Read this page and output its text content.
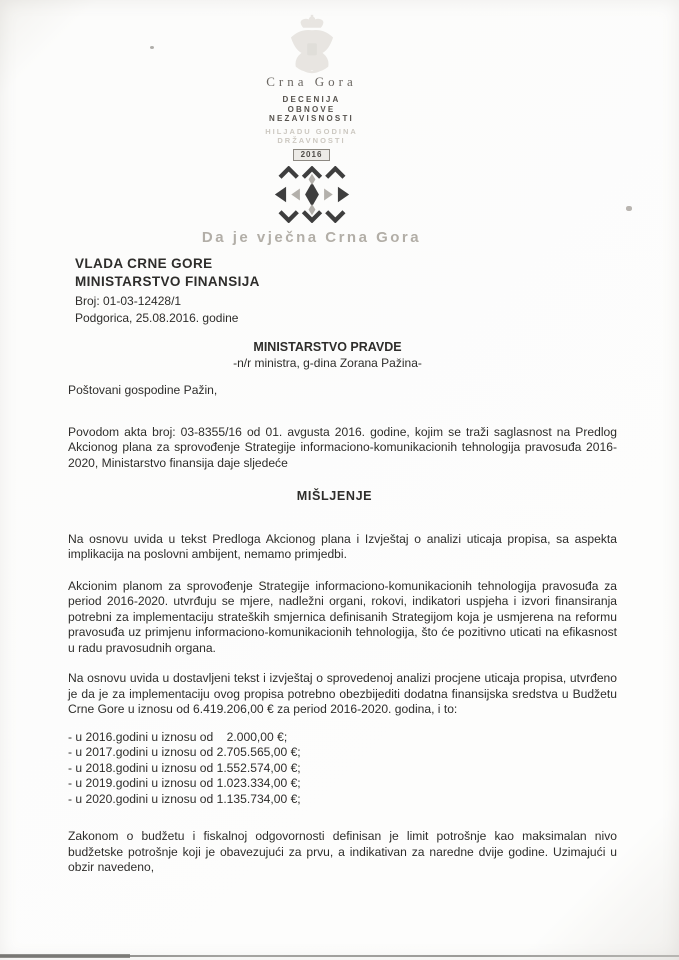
Crna Gora
DECENIJA
OBNOVE
NEZAVISNOSTI
HILJADU GODINA
DRŽAVNOSTI
2016
Da je vječna Crna Gora
VLADA CRNE GORE
MINISTARSTVO FINANSIJA
Broj: 01-03-12428/1
Podgorica, 25.08.2016. godine
MINISTARSTVO PRAVDE
-n/r ministra, g-dina Zorana Pažina-
Poštovani gospodine Pažin,

Povodom akta broj: 03-8355/16 od 01. avgusta 2016. godine, kojim se traži saglasnost na Predlog Akcionog plana za sprovođenje Strategije informaciono-komunikacionih tehnologija pravosuđa 2016-2020, Ministarstvo finansija daje sljedeće

MIŠLJENJE

Na osnovu uvida u tekst Predloga Akcionog plana i Izvještaj o analizi uticaja propisa, sa aspekta implikacija na poslovni ambijent, nemamo primjedbi.

Akcionim planom za sprovođenje Strategije informaciono-komunikacionih tehnologija pravosuđa za period 2016-2020. utvrđuju se mjere, nadležni organi, rokovi, indikatori uspjeha i izvori finansiranja potrebni za implementaciju strateških smjernica definisanih Strategijom koja je usmjerena na reformu pravosuđa uz primjenu informaciono-komunikacionih tehnologija, što će pozitivno uticati na efikasnost u radu pravosudnih organa.

Na osnovu uvida u dostavljeni tekst i izvještaj o sprovedenoj analizi procjene uticaja propisa, utvrđeno je da je za implementaciju ovog propisa potrebno obezbijediti dodatna finansijska sredstva u Budžetu Crne Gore u iznosu od 6.419.206,00 € za period 2016-2020. godina, i to:

- u 2016.godini u iznosu od    2.000,00 €;
- u 2017.godini u iznosu od 2.705.565,00 €;
- u 2018.godini u iznosu od 1.552.574,00 €;
- u 2019.godini u iznosu od 1.023.334,00 €;
- u 2020.godini u iznosu od 1.135.734,00 €;

Zakonom o budžetu i fiskalnoj odgovornosti definisan je limit potrošnje kao maksimalan nivo budžetske potrošnje koji je obavezujući za prvu, a indikativan za naredne dvije godine. Uzimajući u obzir navedeno,
